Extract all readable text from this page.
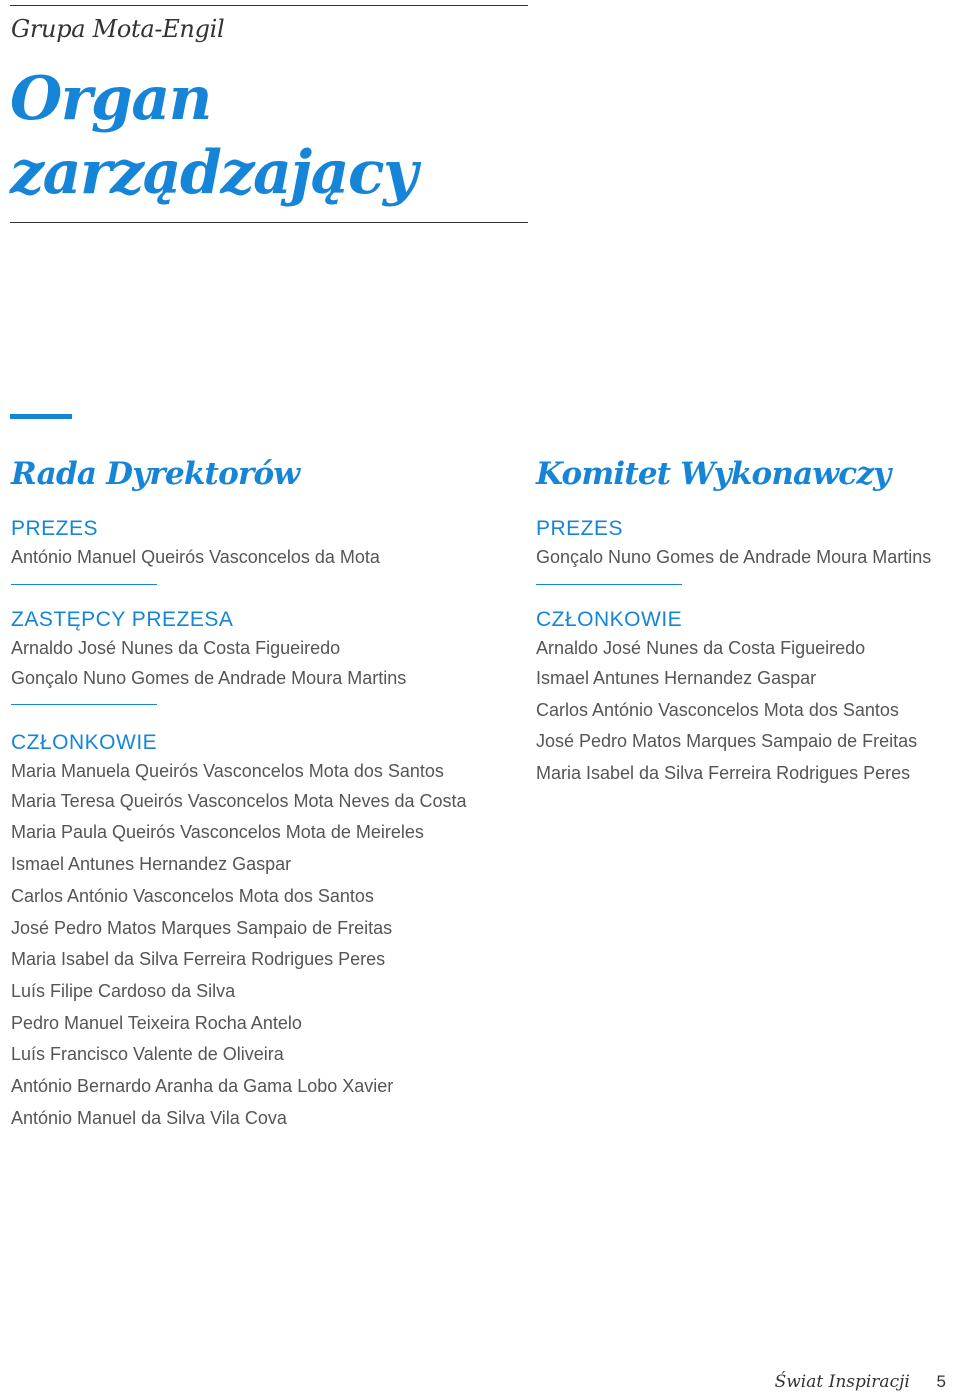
Grupa Mota-Engil
Organ
zarządzający
Rada Dyrektorów
PREZES
António Manuel Queirós Vasconcelos da Mota
ZASTĘPCY PREZESA
Arnaldo José Nunes da Costa Figueiredo
Gonçalo Nuno Gomes de Andrade Moura Martins
CZŁONKOWIE
Maria Manuela Queirós Vasconcelos Mota dos Santos
Maria Teresa Queirós Vasconcelos Mota Neves da Costa
Maria Paula Queirós Vasconcelos Mota de Meireles
Ismael Antunes Hernandez Gaspar
Carlos António Vasconcelos Mota dos Santos
José Pedro Matos Marques Sampaio de Freitas
Maria Isabel da Silva Ferreira Rodrigues Peres
Luís Filipe Cardoso da Silva
Pedro Manuel Teixeira Rocha Antelo
Luís Francisco Valente de Oliveira
António Bernardo Aranha da Gama Lobo Xavier
António Manuel da Silva Vila Cova
Komitet Wykonawczy
PREZES
Gonçalo Nuno Gomes de Andrade Moura Martins
CZŁONKOWIE
Arnaldo José Nunes da Costa Figueiredo
Ismael Antunes Hernandez Gaspar
Carlos António Vasconcelos Mota dos Santos
José Pedro Matos Marques Sampaio de Freitas
Maria Isabel da Silva Ferreira Rodrigues Peres
Świat Inspiracji 5
